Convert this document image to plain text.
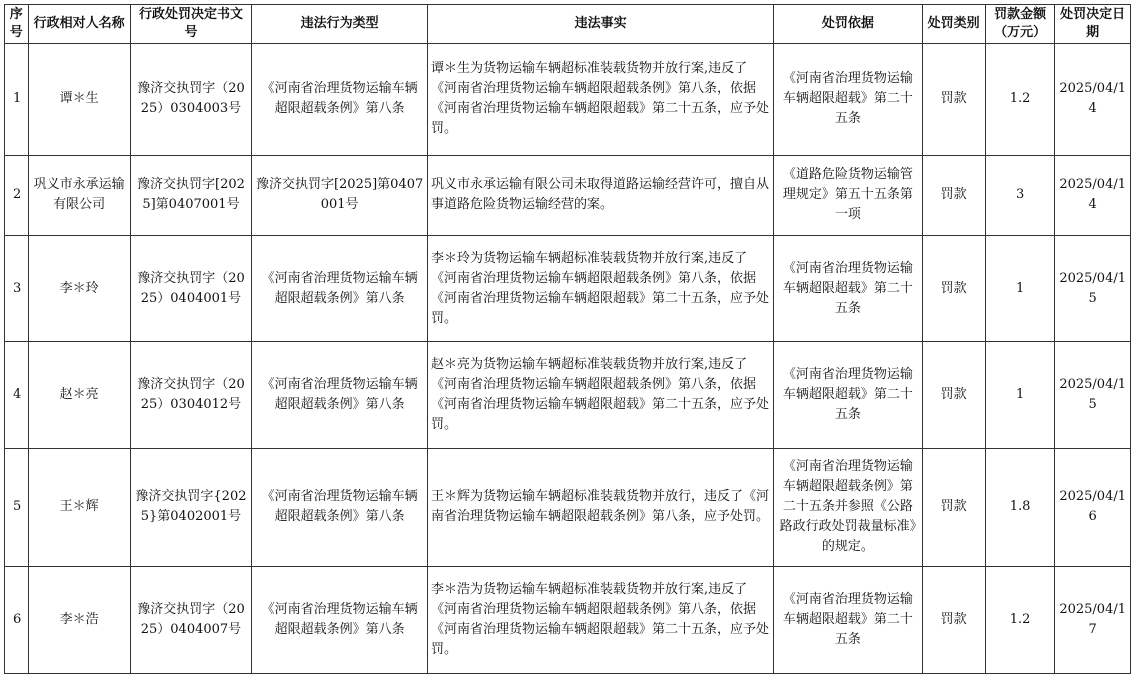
序号	行政相对人名称	行政处罚决定书文号	违法行为类型	违法事实	处罚依据	处罚类别	罚款金额（万元）	处罚决定日期
1	谭＊生	豫济交执罚字（2025）0304003号	《河南省治理货物运输车辆超限超载条例》第八条	谭＊生为货物运输车辆超标准装载货物并放行案,违反了《河南省治理货物运输车辆超限超载条例》第八条，依据《河南省治理货物运输车辆超限超载》第二十五条，应予处罚。	《河南省治理货物运输车辆超限超载》第二十五条	罚款	1.2	2025/04/14
2	巩义市永承运输有限公司	豫济交执罚字[2025]第0407001号	豫济交执罚字[2025]第0407001号	巩义市永承运输有限公司未取得道路运输经营许可，擅自从事道路危险货物运输经营的案。	《道路危险货物运输管理规定》第五十五条第一项	罚款	3	2025/04/14
3	李＊玲	豫济交执罚字（2025）0404001号	《河南省治理货物运输车辆超限超载条例》第八条	李＊玲为货物运输车辆超标准装载货物并放行案,违反了《河南省治理货物运输车辆超限超载条例》第八条，依据《河南省治理货物运输车辆超限超载》第二十五条，应予处罚。	《河南省治理货物运输车辆超限超载》第二十五条	罚款	1	2025/04/15
4	赵＊亮	豫济交执罚字（2025）0304012号	《河南省治理货物运输车辆超限超载条例》第八条	赵＊亮为货物运输车辆超标准装载货物并放行案,违反了《河南省治理货物运输车辆超限超载条例》第八条，依据《河南省治理货物运输车辆超限超载》第二十五条，应予处罚。	《河南省治理货物运输车辆超限超载》第二十五条	罚款	1	2025/04/15
5	王＊辉	豫济交执罚字{2025}第0402001号	《河南省治理货物运输车辆超限超载条例》第八条	王＊辉为货物运输车辆超标准装载货物并放行，违反了《河南省治理货物运输车辆超限超载条例》第八条，应予处罚。	《河南省治理货物运输车辆超限超载条例》第二十五条并参照《公路路政行政处罚裁量标准》的规定。	罚款	1.8	2025/04/16
6	李＊浩	豫济交执罚字（2025）0404007号	《河南省治理货物运输车辆超限超载条例》第八条	李＊浩为货物运输车辆超标准装载货物并放行案,违反了《河南省治理货物运输车辆超限超载条例》第八条，依据《河南省治理货物运输车辆超限超载》第二十五条，应予处罚。	《河南省治理货物运输车辆超限超载》第二十五条	罚款	1.2	2025/04/17
